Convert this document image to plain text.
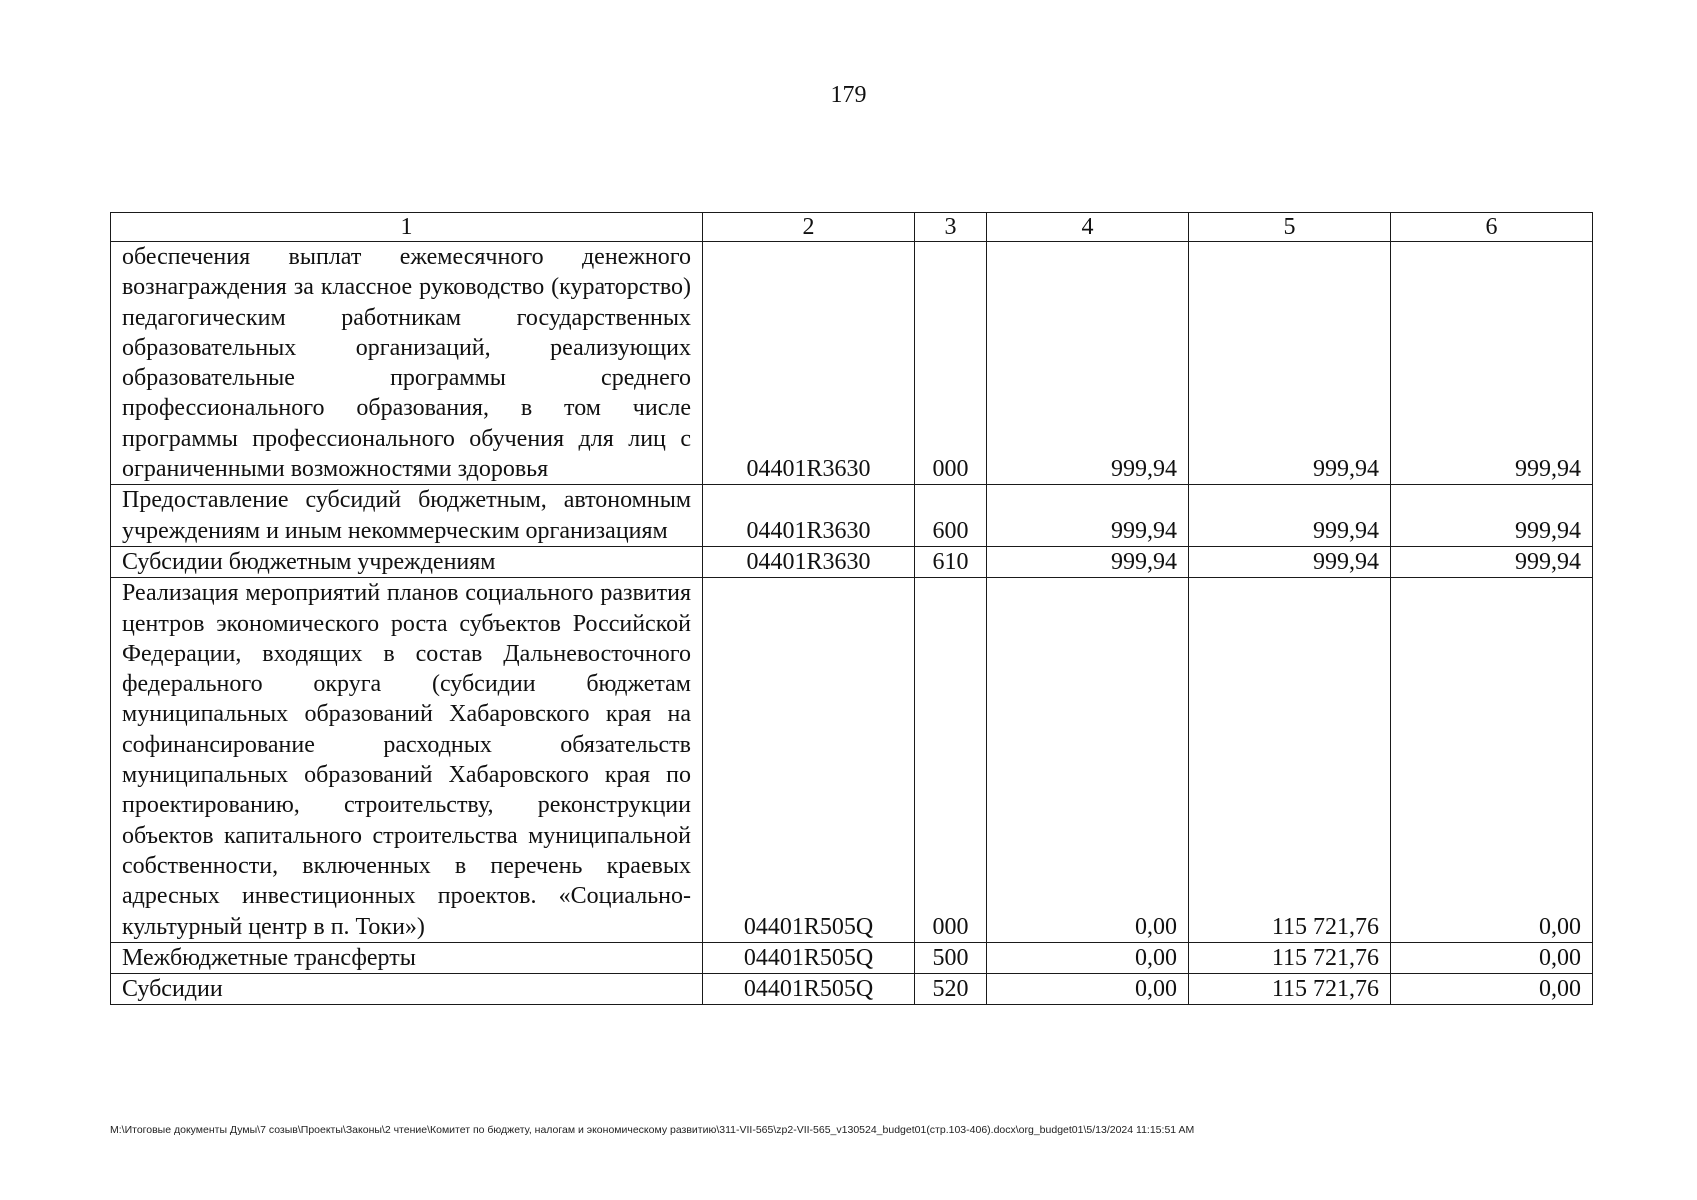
179
1	2	3	4	5	6
обеспечения выплат ежемесячного денежного вознаграждения за классное руководство (кураторство) педагогическим работникам государственных образовательных организаций, реализующих образовательные программы среднего профессионального образования, в том числе программы профессионального обучения для лиц с ограниченными возможностями здоровья	04401R3630	000	999,94	999,94	999,94
Предоставление субсидий бюджетным, автономным учреждениям и иным некоммерческим организациям	04401R3630	600	999,94	999,94	999,94
Субсидии бюджетным учреждениям	04401R3630	610	999,94	999,94	999,94
Реализация мероприятий планов социального развития центров экономического роста субъектов Российской Федерации, входящих в состав Дальневосточного федерального округа (субсидии бюджетам муниципальных образований Хабаровского края на софинансирование расходных обязательств муниципальных образований Хабаровского края по проектированию, строительству, реконструкции объектов капитального строительства муниципальной собственности, включенных в перечень краевых адресных инвестиционных проектов. «Социально-культурный центр в п. Токи»)	04401R505Q	000	0,00	115 721,76	0,00
Межбюджетные трансферты	04401R505Q	500	0,00	115 721,76	0,00
Субсидии	04401R505Q	520	0,00	115 721,76	0,00
M:\Итоговые документы Думы\7 созыв\Проекты\Законы\2 чтение\Комитет по бюджету, налогам и экономическому развитию\311-VII-565\zp2-VII-565_v130524_budget01(стр.103-406).docx\org_budget01\5/13/2024 11:15:51 AM
